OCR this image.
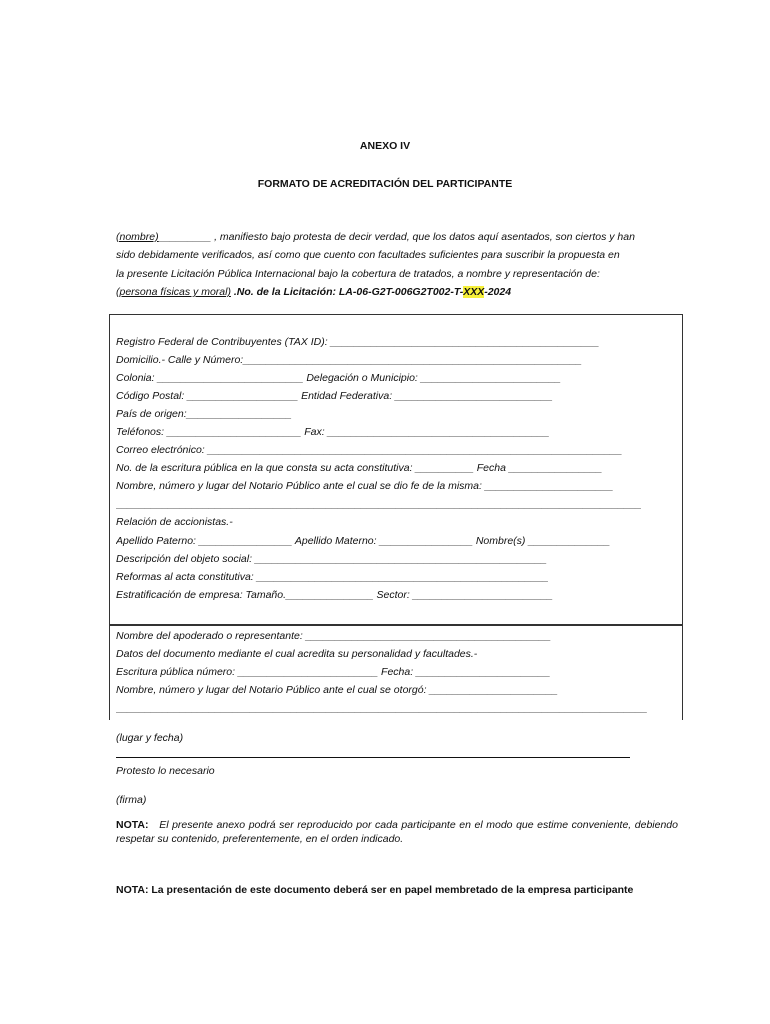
ANEXO IV
FORMATO DE ACREDITACIÓN DEL PARTICIPANTE
(nombre)_________ , manifiesto bajo protesta de decir verdad, que los datos aquí asentados, son ciertos y han
sido debidamente verificados, así como que cuento con facultades suficientes para suscribir la propuesta en
la presente Licitación Pública Internacional bajo la cobertura de tratados, a nombre y representación de:
(persona físicas y moral) .No. de la Licitación: LA-06-G2T-006G2T002-T-XXX-2024
Registro Federal de Contribuyentes (TAX ID): ______________________________________________
Domicilio.- Calle y Número:__________________________________________________________
Colonia: _________________________ Delegación o Municipio: ________________________
Código Postal: ___________________ Entidad Federativa: ___________________________
País de origen:__________________
Teléfonos: _______________________ Fax: ______________________________________
Correo electrónico: _______________________________________________________________________
No. de la escritura pública en la que consta su acta constitutiva: __________ Fecha ________________
Nombre, número y lugar del Notario Público ante el cual se dio fe de la misma: ______________________
__________________________________________________________________________________________
Relación de accionistas.-
Apellido Paterno: ________________ Apellido Materno: ________________ Nombre(s) ______________
Descripción del objeto social: __________________________________________________
Reformas al acta constitutiva: __________________________________________________
Estratificación de empresa: Tamaño._______________ Sector: ________________________
Nombre del apoderado o representante: __________________________________________
Datos del documento mediante el cual acredita su personalidad y facultades.-
Escritura pública número: ________________________ Fecha: _______________________
Nombre, número y lugar del Notario Público ante el cual se otorgó: ______________________
___________________________________________________________________________________________
(lugar y fecha)
Protesto lo necesario
(firma)
NOTA: El presente anexo podrá ser reproducido por cada participante en el modo que estime conveniente, debiendo respetar su contenido, preferentemente, en el orden indicado.
NOTA: La presentación de este documento deberá ser en papel membretado de la empresa participante
